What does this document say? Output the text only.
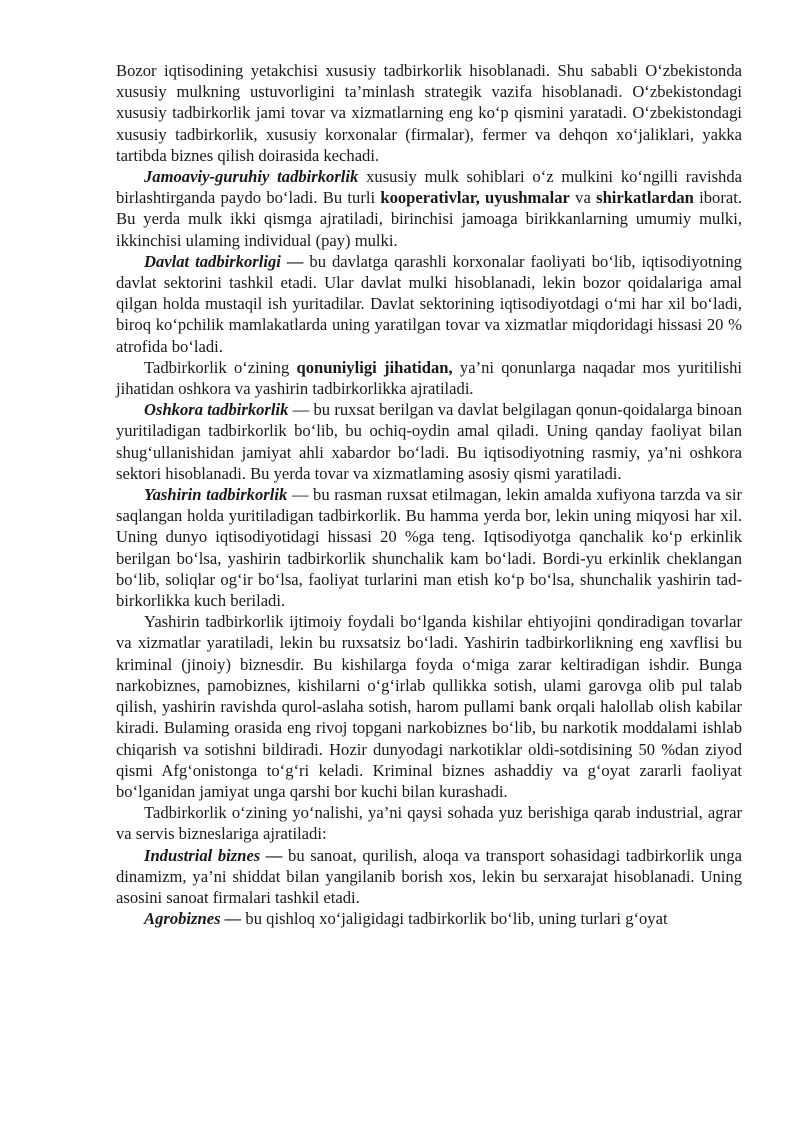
Bozor iqtisodining yetakchisi xususiy tadbirkorlik hisoblanadi. Shu sababli O‘zbekistonda xususiy mulkning ustuvorligini ta’minlash strategik vazifa hisoblanadi. O‘zbekistondagi xususiy tadbirkorlik jami tovar va xizmatlarning eng ko‘p qismini yaratadi. O‘zbekistondagi xususiy tadbirkorlik, xususiy korxonalar (firmalar), fermer va dehqon xo‘jaliklari, yakka tartibda biznes qilish doirasida kechadi.

Jamoaviy-guruhiy tadbirkorlik xususiy mulk sohiblari o‘z mulkini ko‘ngilli ravishda birlashtirganda paydo bo‘ladi. Bu turli kooperativlar, uyushmalar va shirkatlardan iborat. Bu yerda mulk ikki qismga ajratiladi, birinchisi jamoaga birikkanlarning umumiy mulki, ikkinchisi ulaming individual (pay) mulki.

Davlat tadbirkorligi — bu davlatga qarashli korxonalar faoliyati bo‘lib, iqtisodiyotning davlat sektorini tashkil etadi. Ular davlat mulki hisoblanadi, lekin bozor qoidalariga amal qilgan holda mustaqil ish yuritadilar. Davlat sektorining iqtisodiyotdagi o‘mi har xil bo‘ladi, biroq ko‘pchilik mamlakatlarda uning yaratilgan tovar va xizmatlar miqdoridagi hissasi 20 % atrofida bo‘ladi.

Tadbirkorlik o‘zining qonuniyligi jihatidan, ya’ni qonunlarga naqadar mos yuritilishi jihatidan oshkora va yashirin tadbirkorlikka ajratiladi.

Oshkora tadbirkorlik — bu ruxsat berilgan va davlat belgilagan qonun-qoidalarga binoan yuritiladigan tadbirkorlik bo‘lib, bu ochiq-oydin amal qiladi. Uning qanday faoliyat bilan shug‘ullanishidan jamiyat ahli xabardor bo‘ladi. Bu iqtisodiyotning rasmiy, ya’ni oshkora sektori hisoblanadi. Bu yerda tovar va xizmatlaming asosiy qismi yaratiladi.

Yashirin tadbirkorlik — bu rasman ruxsat etilmagan, lekin amalda xufiyona tarzda va sir saqlangan holda yuritiladigan tadbirkorlik. Bu hamma yerda bor, lekin uning miqyosi har xil. Uning dunyo iqtisodiyotidagi hissasi 20 %ga teng. Iqtisodiyotga qanchalik ko‘p erkinlik berilgan bo‘lsa, yashirin tadbirkorlik shunchalik kam bo‘ladi. Bordi-yu erkinlik cheklangan bo‘lib, soliqlar og‘ir bo‘lsa, faoliyat turlarini man etish ko‘p bo‘lsa, shunchalik yashirin tad- birkorlikka kuch beriladi.

Yashirin tadbirkorlik ijtimoiy foydali bo‘lganda kishilar ehtiyojini qondiradigan tovarlar va xizmatlar yaratiladi, lekin bu ruxsatsiz bo‘ladi. Yashirin tadbirkorlikning eng xavflisi bu kriminal (jinoiy) biznesdir. Bu kishilarga foyda o‘miga zarar keltiradigan ishdir. Bunga narkobiznes, pamobiznes, kishilarni o‘g‘irlab qullikka sotish, ulami garovga olib pul talab qilish, yashirin ravishda qurol-aslaha sotish, harom pullami bank orqali halollab olish kabilar kiradi. Bulaming orasida eng rivoj topgani narkobiznes bo‘lib, bu narkotik moddalami ishlab chiqarish va sotishni bildiradi. Hozir dunyodagi narkotiklar oldi-sotdisining 50 %dan ziyod qismi Afg‘onistonga to‘g‘ri keladi. Kriminal biznes ashaddiy va g‘oyat zararli faoliyat bo‘lganidan jamiyat unga qarshi bor kuchi bilan kurashadi.

Tadbirkorlik o‘zining yo‘nalishi, ya’ni qaysi sohada yuz berishiga qarab industrial, agrar va servis bizneslariga ajratiladi:

Industrial biznes — bu sanoat, qurilish, aloqa va transport sohasidagi tadbirkorlik unga dinamizm, ya’ni shiddat bilan yangilanib borish xos, lekin bu serxarajat hisoblanadi. Uning asosini sanoat firmalari tashkil etadi.

Agrobiznes — bu qishloq xo‘jaligidagi tadbirkorlik bo‘lib, uning turlari g‘oyat
